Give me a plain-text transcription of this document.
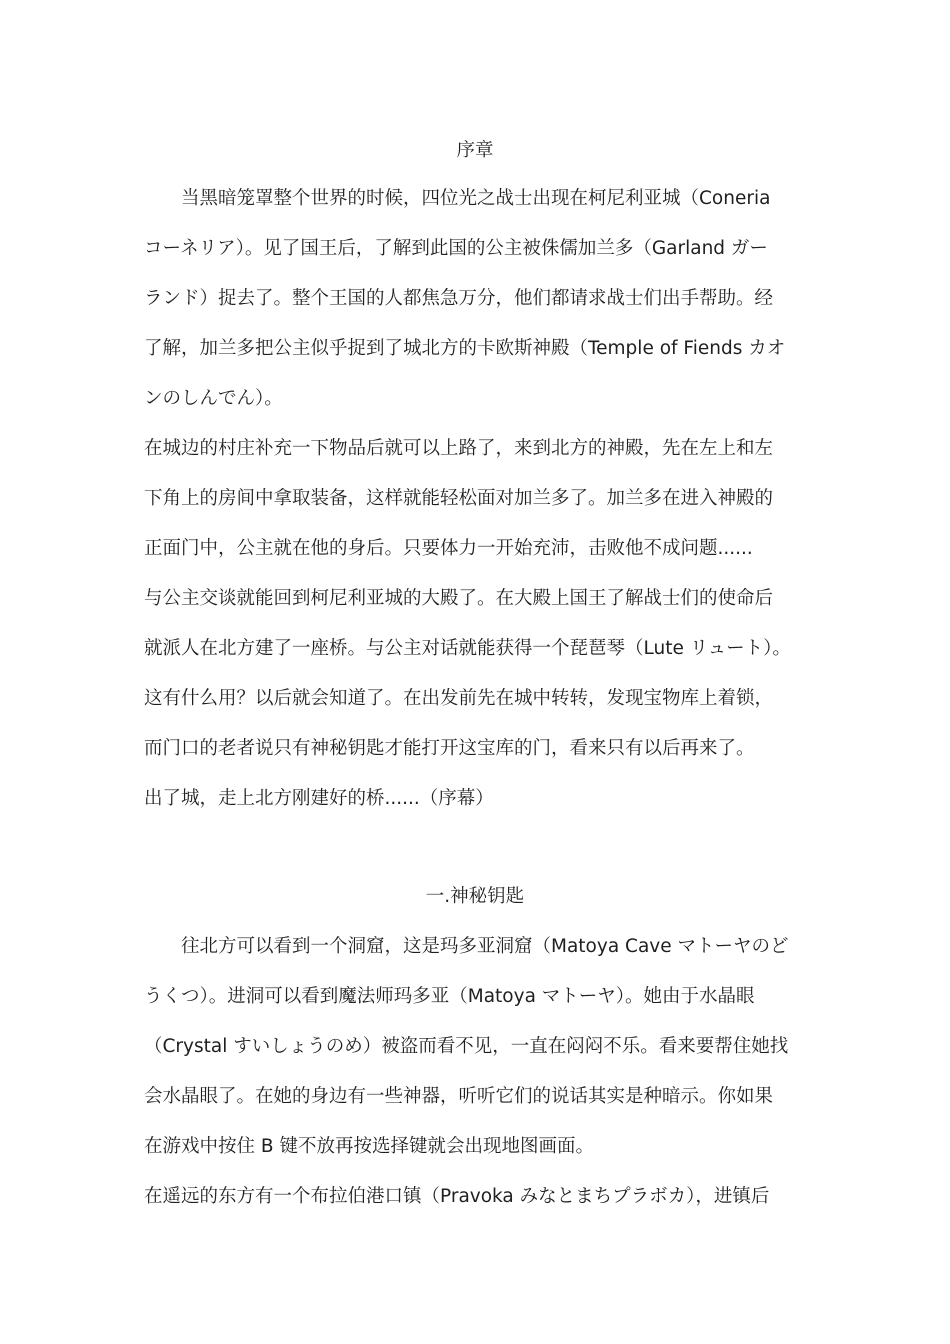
序章
当黑暗笼罩整个世界的时候，四位光之战士出现在柯尼利亚城（Coneria
コーネリア）。见了国王后，了解到此国的公主被侏儒加兰多（Garland ガー
ランド）捉去了。整个王国的人都焦急万分，他们都请求战士们出手帮助。经
了解，加兰多把公主似乎捉到了城北方的卡欧斯神殿（Temple of Fiends カオ
ンのしんでん）。
在城边的村庄补充一下物品后就可以上路了，来到北方的神殿，先在左上和左
下角上的房间中拿取装备，这样就能轻松面对加兰多了。加兰多在进入神殿的
正面门中，公主就在他的身后。只要体力一开始充沛，击败他不成问题......
与公主交谈就能回到柯尼利亚城的大殿了。在大殿上国王了解战士们的使命后
就派人在北方建了一座桥。与公主对话就能获得一个琵琶琴（Lute リュート）。
这有什么用？以后就会知道了。在出发前先在城中转转，发现宝物库上着锁，
而门口的老者说只有神秘钥匙才能打开这宝库的门，看来只有以后再来了。
出了城，走上北方刚建好的桥......（序幕）
一.神秘钥匙
往北方可以看到一个洞窟，这是玛多亚洞窟（Matoya Cave マトーヤのど
うくつ）。进洞可以看到魔法师玛多亚（Matoya マトーヤ）。她由于水晶眼
（Crystal すいしょうのめ）被盗而看不见，一直在闷闷不乐。看来要帮住她找
会水晶眼了。在她的身边有一些神器，听听它们的说话其实是种暗示。你如果
在游戏中按住 B 键不放再按选择键就会出现地图画面。
在遥远的东方有一个布拉伯港口镇（Pravoka みなとまちプラボカ），进镇后
